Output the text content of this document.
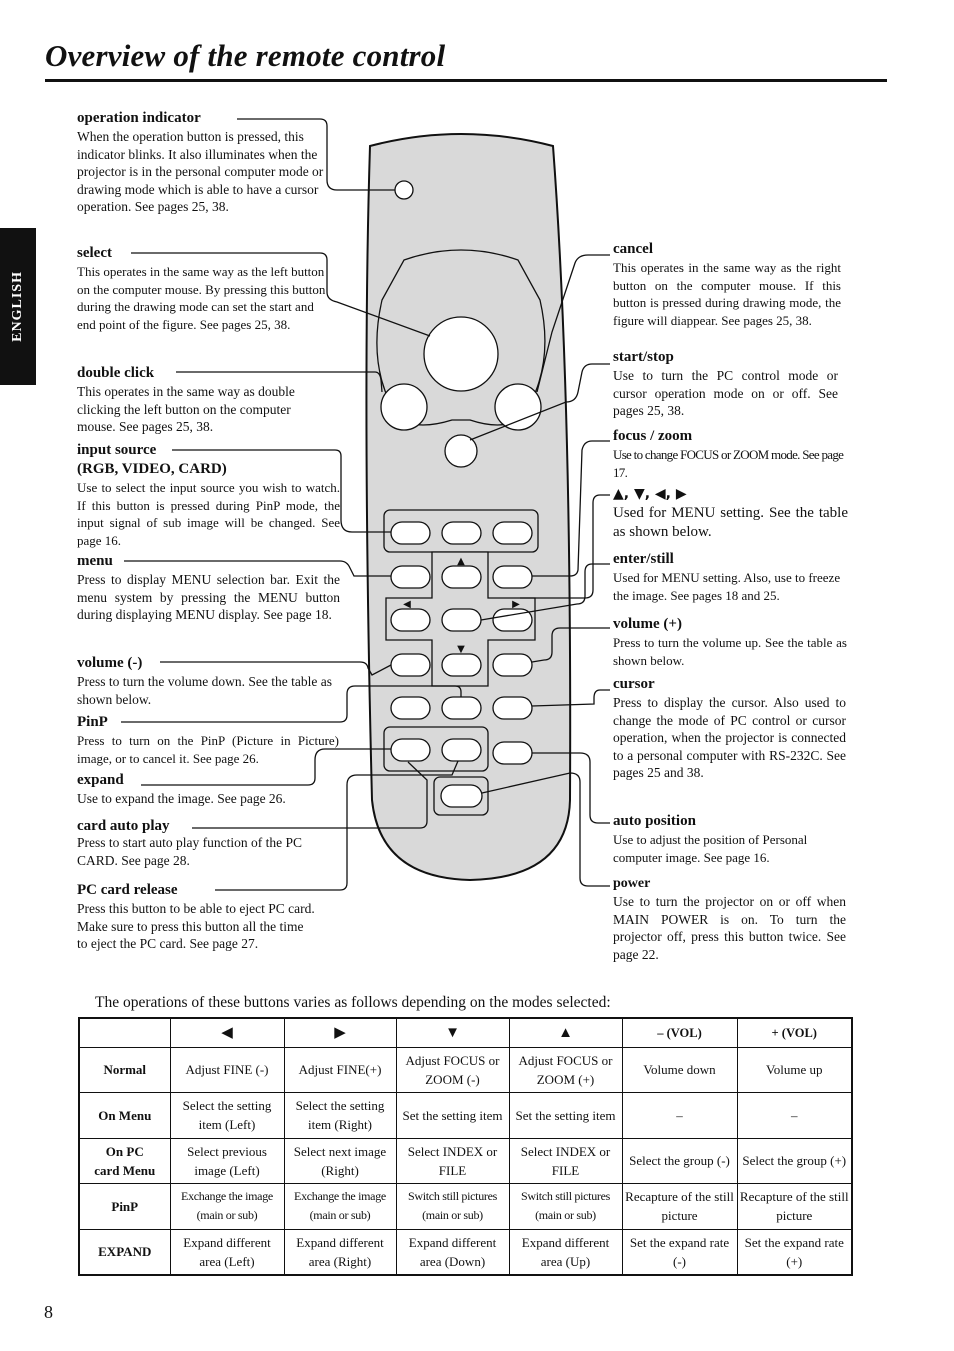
Overview of the remote control
ENGLISH
▲
▼
◀	▶
operation indicator
When the operation button is pressed, this indicator blinks. It also illuminates when the projector is in the personal computer mode or drawing mode which is able to have a cursor operation. See pages 25, 38.
select
This operates in the same way as the left button on the computer mouse. By pressing this button during the drawing mode can set the start and end point of the figure. See pages 25, 38.
double click
This operates in the same way as double clicking the left button on the computer mouse. See pages 25, 38.
input source
(RGB, VIDEO, CARD)
Use to select the input source you wish to watch. If this button is pressed during PinP mode, the input signal of sub image will be changed. See page 16.
menu
Press to display MENU selection bar. Exit the menu system by pressing the MENU button during displaying MENU display. See page 18.
volume (-)
Press to turn the volume down. See the table as shown below.
PinP
Press to turn on the PinP (Picture in Picture) image, or to cancel it. See page 26.
expand
Use to expand the image. See page 26.
card auto play
Press to start auto play function of the PC CARD. See page 28.
PC card release
Press this button to be able to eject PC card. Make sure to press this button all the time to eject the PC card. See page 27.
cancel
This operates in the same way as the right button on the computer mouse. If this button is pressed during drawing mode, the figure will diappear. See pages 25, 38.
start/stop
Use to turn the PC control mode or cursor operation mode on or off. See pages 25, 38.
focus / zoom
Use to change FOCUS or ZOOM mode. See page 17.
▲, ▼, ◀, ▶
Used for MENU setting. See the table as shown below.
enter/still
Used for MENU setting. Also, use to freeze the image. See pages 18 and 25.
volume (+)
Press to turn the volume up. See the table as shown below.
cursor
Press to display the cursor. Also used to change the mode of PC control or cursor operation, when the projector is connected to a personal computer with RS-232C. See pages 25 and 38.
auto position
Use to adjust the position of Personal computer image. See page 16.
power
Use to turn the projector on or off when MAIN POWER is on. To turn the projector off, press this button twice. See page 22.
The operations of these buttons varies as follows depending on the modes selected:
	◀	▶	▼	▲	– (VOL)	+ (VOL)
Normal	Adjust FINE (-)	Adjust FINE(+)	Adjust FOCUS or ZOOM (-)	Adjust FOCUS or ZOOM (+)	Volume down	Volume up
On Menu	Select the setting item (Left)	Select the setting item (Right)	Set the setting item	Set the setting item	–	–
On PC
card Menu	Select previous image (Left)	Select next image (Right)	Select INDEX or FILE	Select INDEX or FILE	Select the group (-)	Select the group (+)
PinP	Exchange the image (main or sub)	Exchange the image (main or sub)	Switch still pictures (main or sub)	Switch still pictures (main or sub)	Recapture of the still picture	Recapture of the still picture
EXPAND	Expand different area (Left)	Expand different area (Right)	Expand different area (Down)	Expand different area (Up)	Set the expand rate (-)	Set the expand rate (+)
8
